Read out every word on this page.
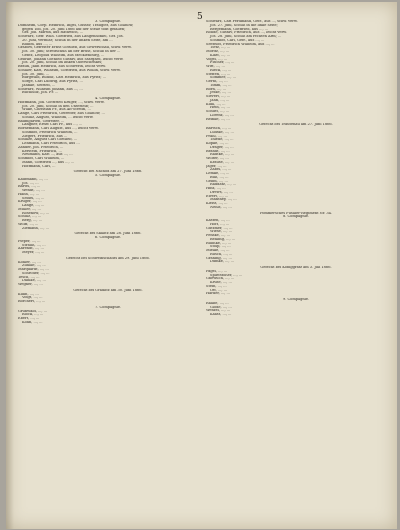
5
3. Compagnie.
Domheim, Corp. Heinrich, Ingel, Gustav, Traugott, aus Gollnow,
gegen Tod, Jos. 20. Juni 1866 auf der Stelle todt gefallen;
Gef. Joh. Martin, aus Rathwich, ...
Schwarz, Gefr. Wilh. Gottfried, aus Langenhöfkel, Gef. Jos.
20. Juni, vermißt; Schuß in der linken Seite, am ...
Bluhm, aus ..., ...
Grabow, Gefreiter Ernst Gottlieb, aus Gewerschau, schw. verw.
Jos. 30. Juni; Streifschuß an der Brust, Schuß in der ...
Gentz, Leopold Wilhelm, aus Mecklenburg, ...
Gehrke, Johann Gottlieb Gustav, aus Stargard, leicht verw.
Jos. 20. Juni, Schuß im linken Oberschenkel;
Braun, Jahn Heinrich, aus Schwerin, leicht verw.
Schiller, Karl, Wilhelm, Gottfried, aus Wollin, schw. verw.
Jos. 30. Juni, ...
Burgwald, Rudolf, Carl Heinrich, aus Pyritz; ...
Sorge, Carl Ludwig, aus Pyritz, ...
Jahnke, Sefried, ...
Schwarz, Wilhelm Johann, aus ..., ...
Buchholz, Joh. Fr. ...
4. Compagnie.
Hoffmann, Joh. Gottfried Krüger, ..., schw. verw.
Jos. 20. Juni, Schuß in den Unterleib; ...
Wilke, Christian Fr., aus Alt-Stettin, ...
Lange, Carl Friedrich, Gefreiter, aus Gollnow, ...
Schulz, August, Wilhelm, ... leicht verw.
Baumgarten, Gefreiter, ...
Langner, Ernst Carl Fr., aus ..., ...
Bornemann, Carl August, aus ..., leicht verw.
Schmidt, Friedrich Wilhelm, ...
Ziegert, Friedrich, aus ...
Schulze, August Carl Gottlieb, ...
Lehmann, Carl Friedrich, aus ...
Zander, Joh. Friedrich, ...
Kerstein, Friedrich, ...
Neumann, Karl ..., aus ..., ...
Schmidt, Carl Wilhelm, ...
Mann, Gottfried ..., aus ..., ...
Hoffmann, Carl, ...
Gefecht bei Nachod am 27. Juni 1866.
5. Compagnie.
Kaufmann, ..., ...
Jos. ..., ...
Bartel, ..., ...
Wendt, ..., ...
Hahn, ..., ...
Seidel, ..., ...
Krüger, ..., ...
Lange, ..., ...
Müller, ..., ...
Rosenow, ..., ...
Schulz, ..., ...
Berg, ..., ...
Wolff, ..., ...
Ziemann, ..., ...
Gefecht bei Skalitz am 28. Juni 1866.
6. Compagnie.
Pieper, ..., ...
Strauß, ..., ...
Ahrendt, ..., ...
Meyer, ..., ...
Gefecht bei Schweinschädel am 29. Juni 1866.
Köhler, ..., ...
Zühlke, ..., ...
Marquardt, ..., ...
Schröder, ..., ...
Tesch, ..., ...
Dahlke, ..., ...
Wegner, ..., ...
Gefecht bei Gradlitz am 30. Juni 1866.
Kühn, ..., ...
Voigt, ..., ...
Borchert, ..., ...
7. Compagnie.
Grunwald, ..., ...
Block, ..., ...
Ebert, ..., ...
Kohn, ..., ...
Schwarz, Carl Ferdinand, Gefr., aus ..., schw. verw.
Jos. 27. Juni, Schuß in die linke Seite;
Bergemann, Gottfried, aus ..., ...
Rohde, Gustav, Friedrich, aus ..., leicht verw.
Jos. 28. Juni, Schuß am rechten Arm; ...
Schmidt, Carl, Gefr., aus ..., ...
Seefeldt, Friedrich Wilhelm, aus ..., ...
Tietz, ..., ...
Moritz, ..., ...
Klatt, ..., ...
Vogel, ..., ...
Fischer, ..., ...
Witt, ..., ...
Rieck, ..., ...
Steffen, ..., ...
Sommer, ..., ...
Gerth, ..., ...
Timm, ..., ...
Born, ..., ...
Jeske, ..., ...
Sievert, ..., ...
Jahn, ..., ...
Kühl, ..., ...
Hein, ..., ...
Schütt, ..., ...
Lorenz, ..., ...
Reinke, ..., ...
Gefecht bei Trautenau am 27. Juni 1866.
Bartsch, ..., ...
Lüdtke, ..., ...
Prahl, ..., ...
Thiede, ..., ...
Köpke, ..., ...
Dräger, ..., ...
Brandt, ..., ...
Radtke, ..., ...
Wolter, ..., ...
Krause, ..., ...
Jäger, ..., ...
Zabel, ..., ...
Lemke, ..., ...
Buß, ..., ...
Gehm, ..., ...
Raddatz, ..., ...
Hinz, ..., ...
Drews, ..., ...
Ewert, ..., ...
Manthey, ..., ...
Kleist, ..., ...
Nehls, ..., ...
Pommersches Füsilier-Regiment Nr. 34.
8. Compagnie.
Kasten, ..., ...
Höft, ..., ...
Gutzmer, ..., ...
Wiese, ..., ...
Fenske, ..., ...
Behling, ..., ...
Ruhnke, ..., ...
Stolp, ..., ...
Mielke, ..., ...
Rusch, ..., ...
Gräning, ..., ...
Dumke, ..., ...
Gefecht bei Königgrätz am 3. Juli 1866.
Pagel, ..., ...
Splittstößer, ..., ...
Gnewuch, ..., ...
Kruse, ..., ...
Stein, ..., ...
Ott, ..., ...
Harder, ..., ...
9. Compagnie.
Raabe, ..., ...
Glöde, ..., ...
Wenzel, ..., ...
Kaatz, ..., ...
